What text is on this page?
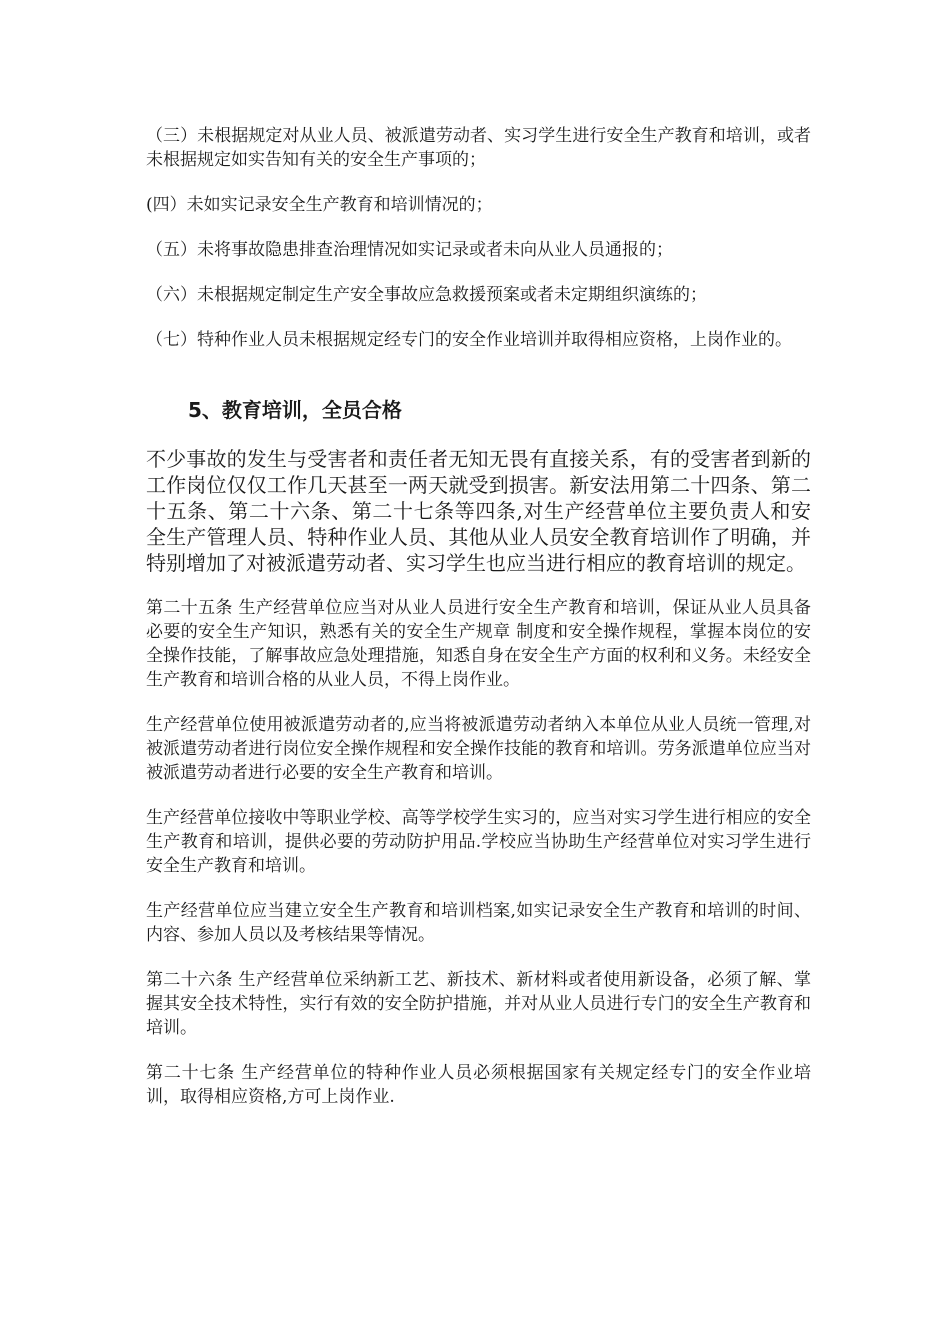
（三）未根据规定对从业人员、被派遣劳动者、实习学生进行安全生产教育和培训，或者未根据规定如实告知有关的安全生产事项的；

(四）未如实记录安全生产教育和培训情况的；

（五）未将事故隐患排查治理情况如实记录或者未向从业人员通报的；

（六）未根据规定制定生产安全事故应急救援预案或者未定期组织演练的；

（七）特种作业人员未根据规定经专门的安全作业培训并取得相应资格，上岗作业的。

5、教育培训，全员合格

不少事故的发生与受害者和责任者无知无畏有直接关系，有的受害者到新的工作岗位仅仅工作几天甚至一两天就受到损害。新安法用第二十四条、第二十五条、第二十六条、第二十七条等四条,对生产经营单位主要负责人和安全生产管理人员、特种作业人员、其他从业人员安全教育培训作了明确，并特别增加了对被派遣劳动者、实习学生也应当进行相应的教育培训的规定。

第二十五条 生产经营单位应当对从业人员进行安全生产教育和培训，保证从业人员具备必要的安全生产知识，熟悉有关的安全生产规章 制度和安全操作规程，掌握本岗位的安全操作技能，了解事故应急处理措施，知悉自身在安全生产方面的权利和义务。未经安全生产教育和培训合格的从业人员，不得上岗作业。

生产经营单位使用被派遣劳动者的,应当将被派遣劳动者纳入本单位从业人员统一管理,对被派遣劳动者进行岗位安全操作规程和安全操作技能的教育和培训。劳务派遣单位应当对被派遣劳动者进行必要的安全生产教育和培训。

生产经营单位接收中等职业学校、高等学校学生实习的，应当对实习学生进行相应的安全生产教育和培训，提供必要的劳动防护用品.学校应当协助生产经营单位对实习学生进行安全生产教育和培训。

生产经营单位应当建立安全生产教育和培训档案,如实记录安全生产教育和培训的时间、内容、参加人员以及考核结果等情况。

第二十六条 生产经营单位采纳新工艺、新技术、新材料或者使用新设备，必须了解、掌握其安全技术特性，实行有效的安全防护措施，并对从业人员进行专门的安全生产教育和培训。

第二十七条 生产经营单位的特种作业人员必须根据国家有关规定经专门的安全作业培训，取得相应资格,方可上岗作业.
